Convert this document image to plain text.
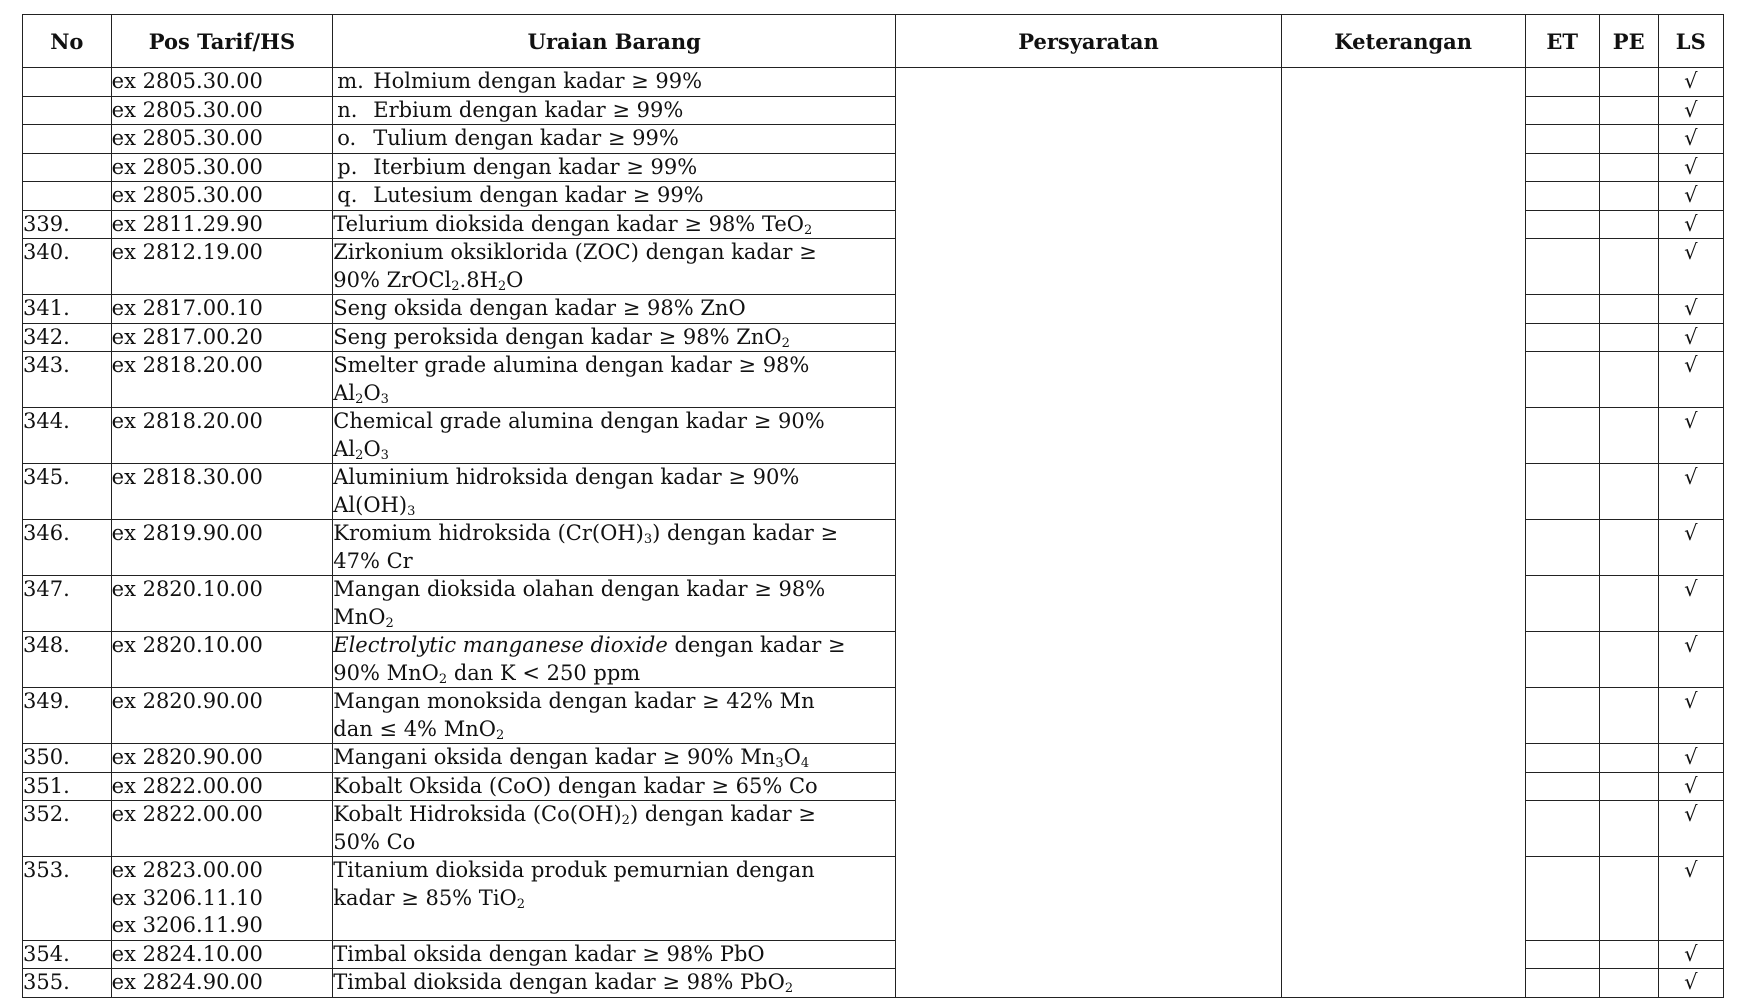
No	Pos Tarif/HS	Uraian Barang	Persyaratan	Keterangan	ET	PE	LS

	ex 2805.30.00	m. Holmium dengan kadar ≥ 99%					√

	ex 2805.30.00	n. Erbium dengan kadar ≥ 99%					√

	ex 2805.30.00	o. Tulium dengan kadar ≥ 99%					√

	ex 2805.30.00	p. Iterbium dengan kadar ≥ 99%					√

	ex 2805.30.00	q. Lutesium dengan kadar ≥ 99%					√
339.	ex 2811.29.90	Telurium dioksida dengan kadar ≥ 98% TeO$_2$					√
340.	ex 2812.19.00	Zirkonium oksiklorida (ZOC) dengan kadar ≥
90% $ZrOCl_2.8H_2O$					√
341.	ex 2817.00.10	Seng oksida dengan kadar ≥ 98% ZnO					√
342.	ex 2817.00.20	Seng peroksida dengan kadar ≥ 98% ZnO$_2$					√
343.	ex 2818.20.00	Smelter grade alumina dengan kadar ≥ 98%
$Al_2O_3$					√
344.	ex 2818.20.00	Chemical grade alumina dengan kadar ≥ 90%
$Al_2O_3$					√
345.	ex 2818.30.00	Aluminium hidroksida dengan kadar ≥ 90%
$Al(OH)_3$					√
346.	ex 2819.90.00	Kromium hidroksida $(Cr(OH)_3)$ dengan kadar ≥
47% Cr					√
347.	ex 2820.10.00	Mangan dioksida olahan dengan kadar ≥ 98%
MnO$_2$					√
348.	ex 2820.10.00	Electrolytic manganese dioxide dengan kadar ≥
90% MnO$_2$ dan K < 250 ppm					√
349.	ex 2820.90.00	Mangan monoksida dengan kadar ≥ 42% Mn
dan ≤ 4% MnO$_2$					√
350.	ex 2820.90.00	Mangani oksida dengan kadar ≥ 90% $Mn_3O_4$					√
351.	ex 2822.00.00	Kobalt Oksida (CoO) dengan kadar ≥ 65% Co					√
352.	ex 2822.00.00	Kobalt Hidroksida $(Co(OH)_2)$ dengan kadar ≥
50% Co					√
353.	ex 2823.00.00
ex 3206.11.10
ex 3206.11.90	Titanium dioksida produk pemurnian dengan
kadar ≥ 85% TiO$_2$					√
354.	ex 2824.10.00	Timbal oksida dengan kadar ≥ 98% PbO					√
355.	ex 2824.90.00	Timbal dioksida dengan kadar ≥ 98% PbO$_2$					√
